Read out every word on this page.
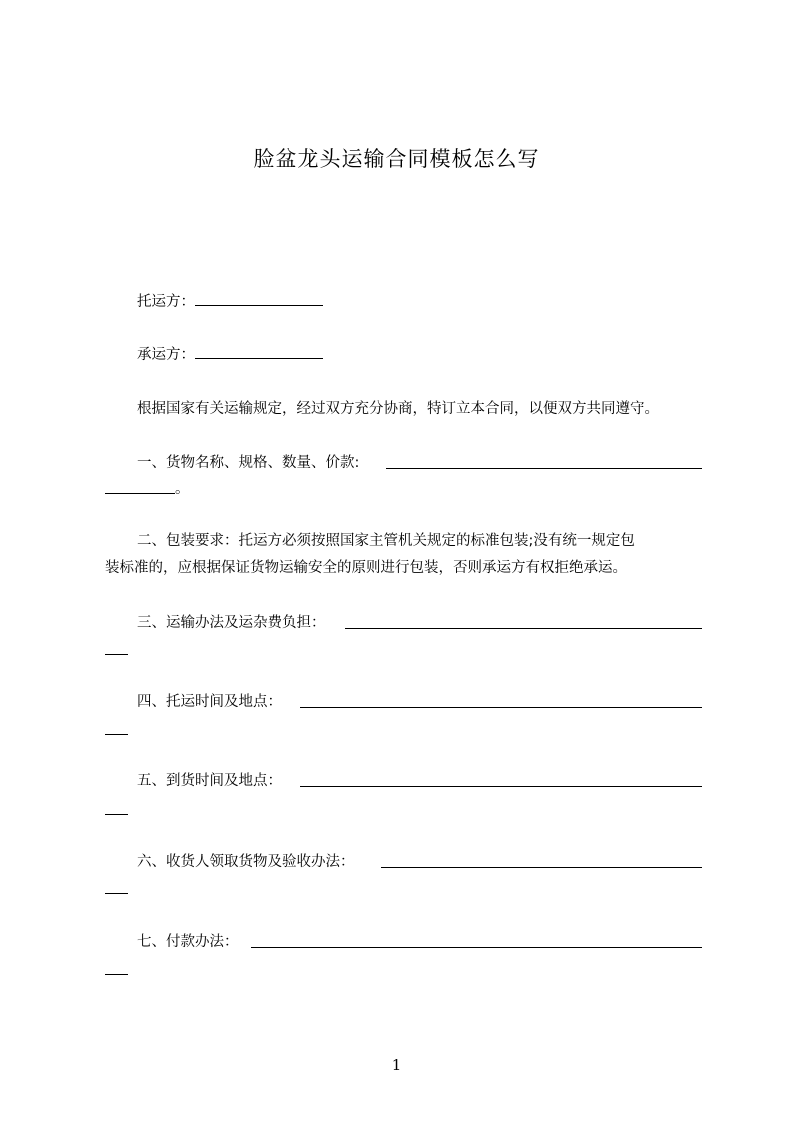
脸盆龙头运输合同模板怎么写
托运方：
承运方：
根据国家有关运输规定，经过双方充分协商，特订立本合同，以便双方共同遵守。
一、货物名称、规格、数量、价款:
。
二、包装要求：托运方必须按照国家主管机关规定的标准包装;没有统一规定包
装标准的，应根据保证货物运输安全的原则进行包装，否则承运方有权拒绝承运。
三、运输办法及运杂费负担：
四、托运时间及地点：
五、到货时间及地点：
六、收货人领取货物及验收办法：
七、付款办法：
1
